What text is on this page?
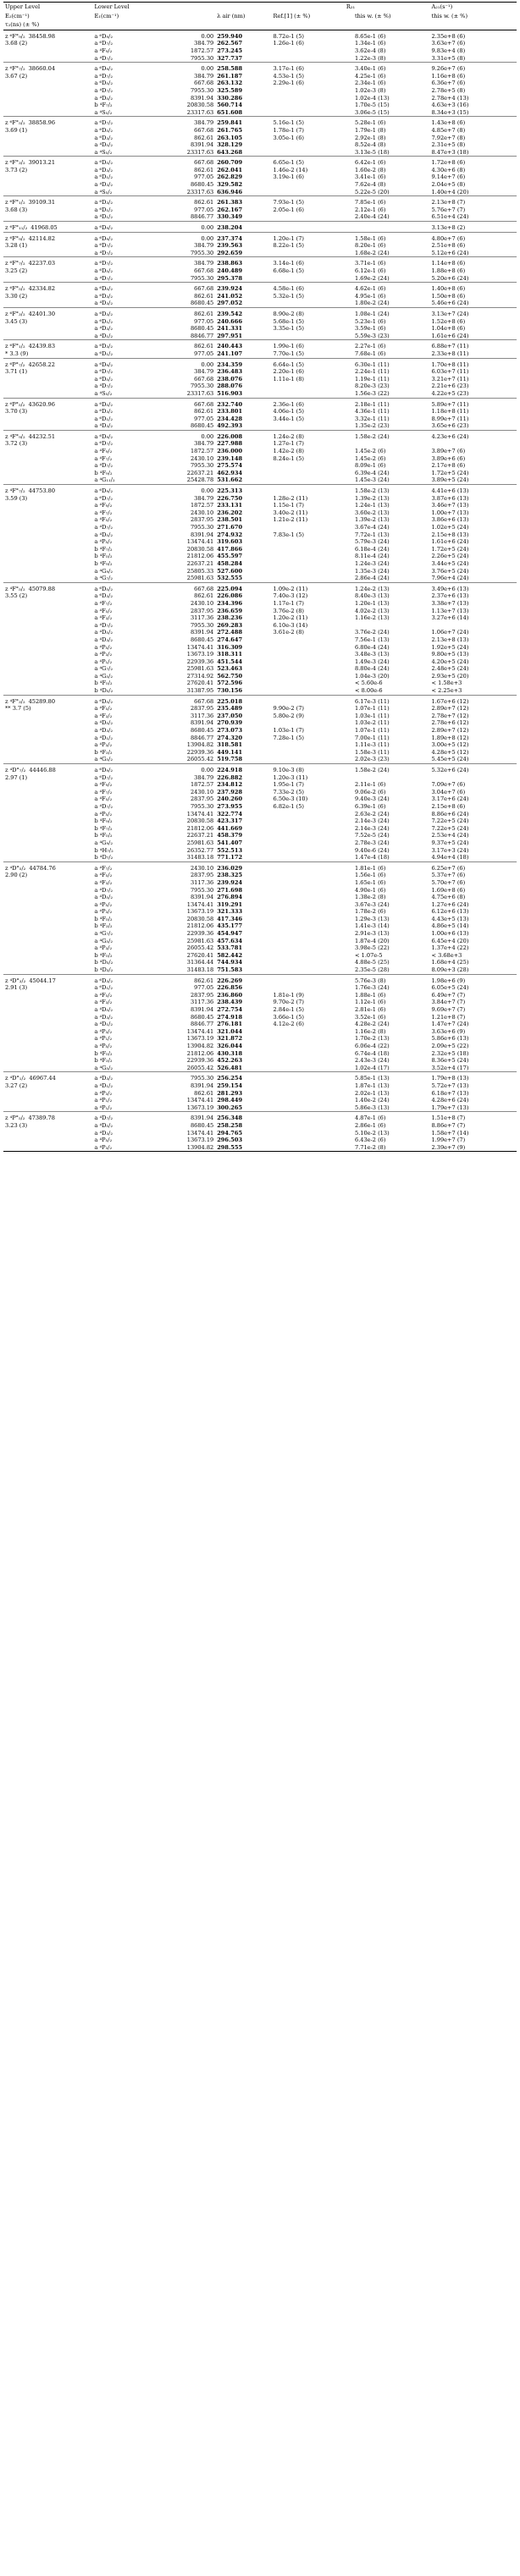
Upper Level	Lower Level		R₂₁		A₂₁(s⁻¹)
E₂(cm⁻¹)	E₁(cm⁻¹)	λ air (nm)	Ref.[1] (± %)	this w. (± %)	this w. (± %)
τ₂(ns) (± %)					
z ⁶F°₉/₂ 38458.98	a ⁶D₉/₂ 0.00	259.940	8.72e-1 (5)	8.65e-1 (6)	2.35e+8 (6)

3.68 (2)	a ⁶D₇/₂ 384.79	262.567	1.26e-1 (6)	1.34e-1 (6)	3.63e+7 (6)

	a ⁴F₉/₂ 1872.57	273.245		3.62e-4 (8)	9.83e+4 (8)

	a ⁴D₇/₂ 7955.30	327.737		1.22e-3 (8)	3.31e+5 (8)
z ⁶F°₇/₂ 38660.04	a ⁶D₉/₂ 0.00	258.588	3.17e-1 (6)	3.40e-1 (6)	9.26e+7 (6)

3.67 (2)	a ⁶D₇/₂ 384.79	261.187	4.53e-1 (5)	4.25e-1 (6)	1.16e+8 (6)

	a ⁶D₅/₂ 667.68	263.132	2.29e-1 (6)	2.34e-1 (6)	6.36e+7 (6)

	a ⁴D₇/₂ 7955.30	325.589		1.02e-3 (8)	2.78e+5 (8)

	a ⁴D₅/₂ 8391.94	330.286		1.02e-4 (13)	2.78e+4 (13)

	b ⁴F₇/₂ 20830.58	560.714		1.70e-5 (15)	4.63e+3 (16)

	a ⁴S₅/₂ 23317.63	651.608		3.06e-5 (15)	8.34e+3 (15)
z ⁶F°₅/₂ 38858.96	a ⁶D₇/₂ 384.79	259.841	5.16e-1 (5)	5.28e-1 (6)	1.43e+8 (6)

3.69 (1)	a ⁶D₅/₂ 667.68	261.765	1.78e-1 (7)	1.79e-1 (8)	4.85e+7 (8)

	a ⁶D₃/₂ 862.61	263.105	3.05e-1 (6)	2.92e-1 (8)	7.92e+7 (8)

	a ⁴D₅/₂ 8391.94	328.129		8.52e-4 (8)	2.31e+5 (8)

	a ⁴S₅/₂ 23317.63	643.268		3.13e-5 (18)	8.47e+3 (18)
z ⁶F°₃/₂ 39013.21	a ⁶D₅/₂ 667.68	260.709	6.65e-1 (5)	6.42e-1 (6)	1.72e+8 (6)

3.73 (2)	a ⁶D₃/₂ 862.61	262.041	1.46e-2 (14)	1.60e-2 (8)	4.30e+6 (8)

	a ⁶D₁/₂ 977.05	262.829	3.19e-1 (6)	3.41e-1 (6)	9.14e+7 (6)

	a ⁴D₃/₂ 8680.45	329.582		7.62e-4 (8)	2.04e+5 (8)

	a ⁴S₅/₂ 23317.63	636.946		5.22e-5 (20)	1.40e+4 (20)
z ⁶F°₁/₂ 39109.31	a ⁶D₃/₂ 862.61	261.383	7.93e-1 (5)	7.85e-1 (6)	2.13e+8 (7)

3.68 (3)	a ⁶D₁/₂ 977.05	262.167	2.05e-1 (6)	2.12e-1 (6)	5.76e+7 (7)

	a ⁴D₁/₂ 8846.77	330.349		2.40e-4 (24)	6.51e+4 (24)
z ⁶F°₁₁/₂ 41968.05	a ⁶D₉/₂ 0.00	238.204			3.13e+8 (2)
z ⁶F°₉/₂ 42114.82	a ⁶D₉/₂ 0.00	237.374	1.20e-1 (7)	1.58e-1 (6)	4.80e+7 (6)

3.28 (1)	a ⁶D₇/₂ 384.79	239.563	8.22e-1 (5)	8.20e-1 (6)	2.51e+8 (6)

	a ⁴D₇/₂ 7955.30	292.659		1.68e-2 (24)	5.12e+6 (24)
z ⁶F°₇/₂ 42237.03	a ⁶D₇/₂ 384.79	238.863	3.14e-1 (6)	3.71e-1 (6)	1.14e+8 (6)

3.25 (2)	a ⁶D₅/₂ 667.68	240.489	6.68e-1 (5)	6.12e-1 (6)	1.88e+8 (6)

	a ⁴D₇/₂ 7955.30	295.378		1.69e-2 (24)	5.20e+6 (24)
z ⁶F°₅/₂ 42334.82	a ⁶D₅/₂ 667.68	239.924	4.58e-1 (6)	4.62e-1 (6)	1.40e+8 (6)

3.30 (2)	a ⁶D₃/₂ 862.61	241.052	5.32e-1 (5)	4.95e-1 (6)	1.50e+8 (6)

	a ⁴D₃/₂ 8680.45	297.052		1.80e-2 (24)	5.46e+6 (24)
z ⁶F°₃/₂ 42401.30	a ⁶D₃/₂ 862.61	239.542	8.90e-2 (8)	1.08e-1 (24)	3.13e+7 (24)

3.45 (3)	a ⁶D₁/₂ 977.05	240.666	5.68e-1 (5)	5.23e-1 (6)	1.52e+8 (6)

	a ⁴D₃/₂ 8680.45	241.331	3.35e-1 (5)	3.59e-1 (6)	1.04e+8 (6)

	a ⁴D₁/₂ 8846.77	297.951		5.59e-3 (23)	1.61e+6 (24)
z ⁶F°₁/₂ 42439.83	a ⁶D₃/₂ 862.61	240.443	1.99e-1 (6)	2.27e-1 (6)	6.88e+7 (11)

* 3.3 (9)	a ⁶D₁/₂ 977.05	241.107	7.70e-1 (5)	7.68e-1 (6)	2.33e+8 (11)
z ⁶P°₇/₂ 42658.22	a ⁶D₉/₂ 0.00	234.359	6.64e-1 (5)	6.30e-1 (11)	1.70e+8 (11)

3.71 (1)	a ⁶D₇/₂ 384.79	236.483	2.20e-1 (6)	2.24e-1 (11)	6.03e+7 (11)

	a ⁶D₅/₂ 667.68	238.076	1.11e-1 (8)	1.19e-1 (11)	3.21e+7 (11)

	a ⁴D₇/₂ 7955.30	288.076		8.20e-3 (23)	2.21e+6 (23)

	a ⁴S₅/₂ 23317.63	516.903		1.56e-3 (22)	4.22e+5 (23)
z ⁶P°₅/₂ 43620.96	a ⁶D₅/₂ 667.68	232.740	2.36e-1 (6)	2.18e-1 (11)	5.89e+7 (11)

3.70 (3)	a ⁶D₃/₂ 862.61	233.801	4.06e-1 (5)	4.36e-1 (11)	1.18e+8 (11)

	a ⁶D₁/₂ 977.05	234.428	3.44e-1 (5)	3.32e-1 (11)	8.99e+7 (11)

	a ⁴D₃/₂ 8680.45	492.393		1.35e-2 (23)	3.65e+6 (23)
z ⁴F°₉/₂ 44232.51	a ⁶D₉/₂ 0.00	226.008	1.24e-2 (8)	1.58e-2 (24)	4.23e+6 (24)

3.72 (3)	a ⁶D₇/₂ 384.79	227.988	1.27e-1 (7)		

	a ⁴F₉/₂ 1872.57	236.000	1.42e-2 (8)	1.45e-2 (6)	3.89e+7 (6)

	a ⁴F₇/₂ 2430.10	239.148	8.24e-1 (5)	1.45e-2 (6)	3.89e+6 (6)

	a ⁴D₇/₂ 7955.30	275.574		8.09e-1 (6)	2.17e+8 (6)

	b ⁴F₉/₂ 22637.21	462.934		6.39e-4 (24)	1.72e+5 (24)

	a ⁴G₁₁/₂ 25428.78	531.662		1.45e-3 (24)	3.89e+5 (24)
z ⁴F°₇/₂ 44753.80	a ⁶D₉/₂ 0.00	225.313		1.58e-2 (13)	4.41e+6 (13)

3.59 (3)	a ⁶D₇/₂ 384.79	226.750	1.28e-2 (11)	1.39e-2 (13)	3.87e+6 (13)

	a ⁴F₉/₂ 1872.57	233.131	1.15e-1 (7)	1.24e-1 (13)	3.46e+7 (13)

	a ⁴F₇/₂ 2430.10	236.202	3.40e-2 (11)	3.60e-2 (13)	1.00e+7 (13)

	a ⁴F₅/₂ 2837.95	238.501	1.21e-2 (11)	1.39e-2 (13)	3.86e+6 (13)

	a ⁴D₇/₂ 7955.30	271.670		3.67e-4 (24)	1.02e+5 (24)

	a ⁴D₅/₂ 8391.94	274.932	7.83e-1 (5)	7.72e-1 (13)	2.15e+8 (13)

	a ⁴P₅/₂ 13474.41	319.603		5.79e-3 (24)	1.61e+6 (24)

	b ⁴F₇/₂ 20830.58	417.866		6.18e-4 (24)	1.72e+5 (24)

	b ⁴F₅/₂ 21812.06	455.597		8.11e-4 (24)	2.26e+5 (24)

	b ⁴F₉/₂ 22637.21	458.284		1.24e-3 (24)	3.44e+5 (24)

	a ⁴G₉/₂ 25805.33	527.600		1.35e-3 (24)	3.76e+5 (24)

	a ⁴G₇/₂ 25981.63	532.555		2.86e-4 (24)	7.96e+4 (24)
z ⁴F°₅/₂ 45079.88	a ⁶D₅/₂ 667.68	225.094	1.09e-2 (11)	1.24e-2 (13)	3.49e+6 (13)

3.55 (2)	a ⁶D₃/₂ 862.61	226.086	7.40e-3 (12)	8.40e-3 (13)	2.37e+6 (13)

	a ⁴F₇/₂ 2430.10	234.396	1.17e-1 (7)	1.20e-1 (13)	3.38e+7 (13)

	a ⁴F₅/₂ 2837.95	236.659	3.76e-2 (8)	4.02e-2 (13)	1.13e+7 (13)

	a ⁴F₃/₂ 3117.36	238.236	1.20e-2 (11)	1.16e-2 (13)	3.27e+6 (14)

	a ⁴D₇/₂ 7955.30	269.283	6.10e-3 (14)		

	a ⁴D₅/₂ 8391.94	272.488	3.61e-2 (8)	3.76e-2 (24)	1.06e+7 (24)

	a ⁴D₃/₂ 8680.45	274.647		7.56e-1 (13)	2.13e+8 (13)

	a ⁴P₅/₂ 13474.41	316.309		6.80e-4 (24)	1.92e+5 (24)

	a ⁴P₃/₂ 13673.19	318.311		3.48e-3 (13)	9.80e+5 (13)

	a ⁴P₁/₂ 22939.36	451.544		1.49e-3 (24)	4.20e+5 (24)

	a ⁴G₇/₂ 25981.63	523.463		8.80e-4 (24)	2.48e+5 (24)

	a ⁴G₅/₂ 27314.92	562.750		1.04e-3 (20)	2.93e+5 (20)

	b ⁴F₅/₂ 27620.41	572.596		< 5.60e-6	< 1.58e+3

	b ⁴D₅/₂ 31387.95	730.156		< 8.00e-6	< 2.25e+3
z ⁴F°₃/₂ 45289.80	a ⁶D₅/₂ 667.68	225.018		6.17e-3 (11)	1.67e+6 (12)

** 3.7 (5)	a ⁴F₅/₂ 2837.95	235.489	9.90e-2 (7)	1.07e-1 (11)	2.89e+7 (12)

	a ⁴F₃/₂ 3117.36	237.050	5.80e-2 (9)	1.03e-1 (11)	2.78e+7 (12)

	a ⁴D₅/₂ 8391.94	270.939		1.03e-2 (11)	2.78e+6 (12)

	a ⁴D₃/₂ 8680.45	273.073	1.03e-1 (7)	1.07e-1 (11)	2.89e+7 (12)

	a ⁴D₁/₂ 8846.77	274.320	7.28e-1 (5)	7.00e-1 (11)	1.89e+8 (12)

	a ⁴P₃/₂ 13904.82	318.581		1.11e-3 (11)	3.00e+5 (12)

	b ⁴F₃/₂ 22939.36	449.141		1.58e-3 (11)	4.28e+5 (12)

	a ⁴G₅/₂ 26055.42	519.758		2.02e-3 (23)	5.45e+5 (24)
z ⁴D°₇/₂ 44446.88	a ⁶D₉/₂ 0.00	224.918	9.10e-3 (8)	1.58e-2 (24)	5.32e+6 (24)

2.97 (1)	a ⁶D₇/₂ 384.79	226.882	1.20e-3 (11)		

	a ⁴F₉/₂ 1872.57	234.812	1.95e-1 (7)	2.11e-1 (6)	7.09e+7 (6)

	a ⁴F₇/₂ 2430.10	237.928	7.33e-2 (5)	9.06e-2 (6)	3.04e+7 (6)

	a ⁴F₅/₂ 2837.95	240.260	6.50e-3 (10)	9.40e-3 (24)	3.17e+6 (24)

	a ⁴D₇/₂ 7955.30	273.955	6.82e-1 (5)	6.39e-1 (6)	2.15e+8 (6)

	a ⁴P₅/₂ 13474.41	322.774		2.63e-2 (24)	8.86e+6 (24)

	b ⁴F₉/₂ 20830.58	423.317		2.14e-3 (24)	7.22e+5 (24)

	b ⁴F₇/₂ 21812.06	441.669		2.14e-3 (24)	7.22e+5 (24)

	b ⁴F₅/₂ 22637.21	458.379		7.52e-5 (24)	2.53e+4 (24)

	a ⁴G₉/₂ 25981.63	541.407		2.78e-3 (24)	9.37e+5 (24)

	b ⁴H₇/₂ 26352.77	552.513		9.40e-6 (24)	3.17e+3 (24)

	b ⁴D₇/₂ 31483.18	771.172		1.47e-4 (18)	4.94e+4 (18)
z ⁴D°₅/₂ 44784.76	a ⁴F₇/₂ 2430.10	236.029		1.81e-1 (6)	6.25e+7 (6)

2.90 (2)	a ⁴F₅/₂ 2837.95	238.325		1.56e-1 (6)	5.37e+7 (6)

	a ⁴F₃/₂ 3117.36	239.924		1.65e-1 (6)	5.70e+7 (6)

	a ⁴D₇/₂ 7955.30	271.698		4.90e-1 (6)	1.69e+8 (6)

	a ⁴D₅/₂ 8391.94	276.894		1.38e-2 (8)	4.75e+6 (8)

	a ⁴P₅/₂ 13474.41	319.291		3.67e-3 (24)	1.27e+6 (24)

	a ⁴P₃/₂ 13673.19	321.333		1.78e-2 (6)	6.12e+6 (13)

	b ⁴F₅/₂ 20830.58	417.346		1.29e-3 (13)	4.43e+5 (13)

	b ⁴F₃/₂ 21812.06	435.177		1.41e-3 (14)	4.86e+5 (14)

	a ⁴G₇/₂ 22939.36	454.947		2.91e-3 (13)	1.00e+6 (13)

	a ⁴G₅/₂ 25981.63	457.634		1.87e-4 (20)	6.45e+4 (20)

	a ⁴P₃/₂ 26055.42	533.781		3.98e-5 (22)	1.37e+4 (22)

	b ⁴F₅/₂ 27620.41	582.442		< 1.07e-5	< 3.68e+3

	b ⁴D₅/₂ 31364.44	744.934		4.88e-5 (25)	1.68e+4 (25)

	b ⁴D₃/₂ 31483.18	751.583		2.35e-5 (28)	8.09e+3 (28)
z ⁴D°₃/₂ 45044.17	a ⁶D₃/₂ 862.61	226.269		5.76e-3 (8)	1.98e+6 (9)

2.91 (3)	a ⁶D₁/₂ 977.05	226.856		1.76e-3 (24)	6.05e+5 (24)

	a ⁴F₅/₂ 2837.95	236.860	1.81e-1 (9)	1.88e-1 (6)	6.49e+7 (7)

	a ⁴F₃/₂ 3117.36	238.439	9.70e-2 (7)	1.12e-1 (6)	3.84e+7 (7)

	a ⁴D₅/₂ 8391.94	272.754	2.84e-1 (5)	2.81e-1 (6)	9.69e+7 (7)

	a ⁴D₃/₂ 8680.45	274.918	3.66e-1 (5)	3.52e-1 (6)	1.21e+8 (7)

	a ⁴D₁/₂ 8846.77	276.181	4.12e-2 (6)	4.28e-2 (24)	1.47e+7 (24)

	a ⁴P₃/₂ 13474.41	321.044		1.16e-2 (8)	3.63e+6 (9)

	a ⁴P₁/₂ 13673.19	321.872		1.70e-2 (13)	5.86e+6 (13)

	a ⁴P₅/₂ 13904.82	326.044		6.06e-4 (22)	2.09e+5 (22)

	b ⁴F₅/₂ 21812.06	430.318		6.74e-4 (18)	2.32e+5 (18)

	b ⁴F₃/₂ 22939.36	452.263		2.43e-3 (24)	8.36e+5 (24)

	a ⁴G₅/₂ 26055.42	526.481		1.02e-4 (17)	3.52e+4 (17)
z ⁴D°₁/₂ 46967.44	a ⁴D₃/₂ 7955.30	256.254		5.85e-1 (13)	1.79e+8 (13)

3.27 (2)	a ⁴D₁/₂ 8391.94	259.154		1.87e-1 (13)	5.72e+7 (13)

	a ⁴P₃/₂ 862.61	281.293		2.02e-1 (13)	6.18e+7 (13)

	a ⁴P₁/₂ 13474.41	298.449		1.40e-2 (24)	4.28e+6 (24)

	a ⁴P₁/₂ 13673.19	300.265		5.86e-3 (13)	1.79e+7 (13)
z ⁴P°₅/₂ 47389.78	a ⁴D₇/₂ 8391.94	256.348		4.87e-1 (6)	1.51e+8 (7)

3.23 (3)	a ⁴D₅/₂ 8680.45	258.258		2.86e-1 (6)	8.86e+7 (7)

	a ⁴D₃/₂ 13474.41	294.765		5.10e-2 (13)	1.58e+7 (14)

	a ⁴P₅/₂ 13673.19	296.503		6.43e-2 (6)	1.99e+7 (7)

	a ⁴P₃/₂ 13904.82	298.555		7.71e-2 (8)	2.39e+7 (9)
